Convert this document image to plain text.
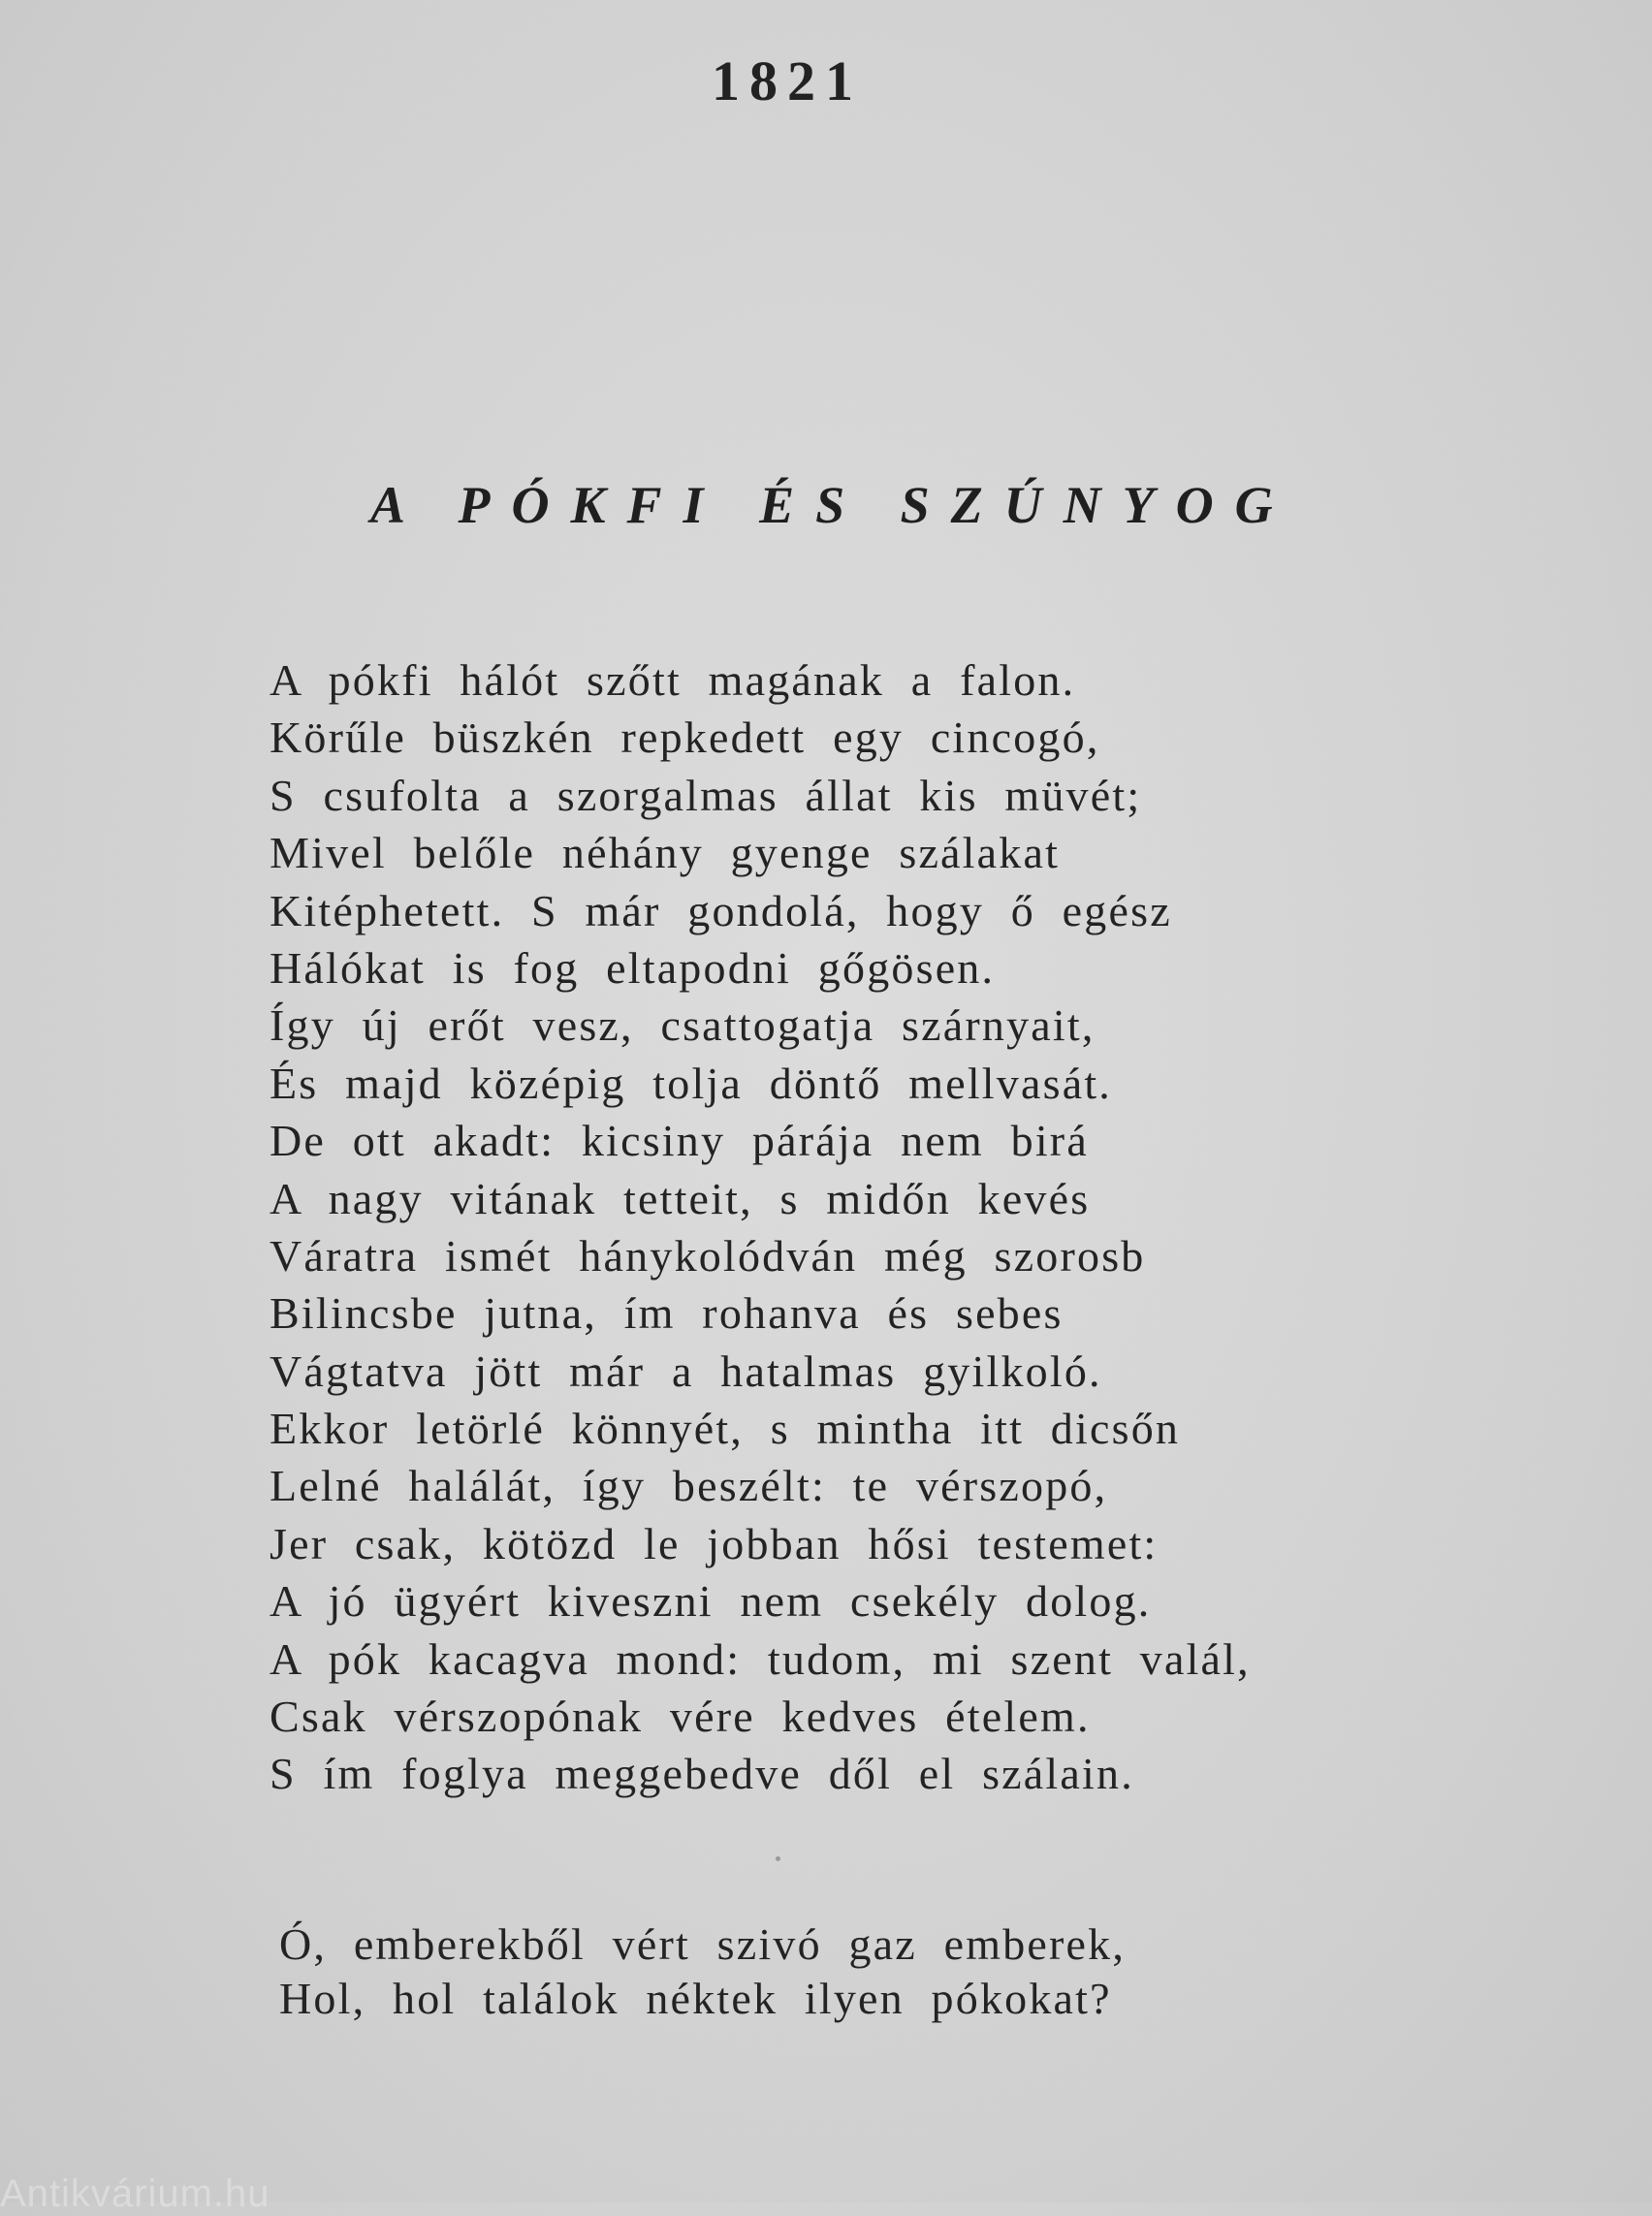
1821
A PÓKFI ÉS SZÚNYOG
A pókfi hálót szőtt magának a falon.
Körűle büszkén repkedett egy cincogó,
S csufolta a szorgalmas állat kis müvét;
Mivel belőle néhány gyenge szálakat
Kitéphetett. S már gondolá, hogy ő egész
Hálókat is fog eltapodni gőgösen.
Így új erőt vesz, csattogatja szárnyait,
És majd középig tolja döntő mellvasát.
De ott akadt: kicsiny párája nem birá
A nagy vitának tetteit, s midőn kevés
Váratra ismét hánykolódván még szorosb
Bilincsbe jutna, ím rohanva és sebes
Vágtatva jött már a hatalmas gyilkoló.
Ekkor letörlé könnyét, s mintha itt dicsőn
Lelné halálát, így beszélt: te vérszopó,
Jer csak, kötözd le jobban hősi testemet:
A jó ügyért kiveszni nem csekély dolog.
A pók kacagva mond: tudom, mi szent valál,
Csak vérszopónak vére kedves ételem.
S ím foglya meggebedve dől el szálain.
Ó, emberekből vért szivó gaz emberek,
Hol, hol találok néktek ilyen pókokat?
Antikvárium.hu
